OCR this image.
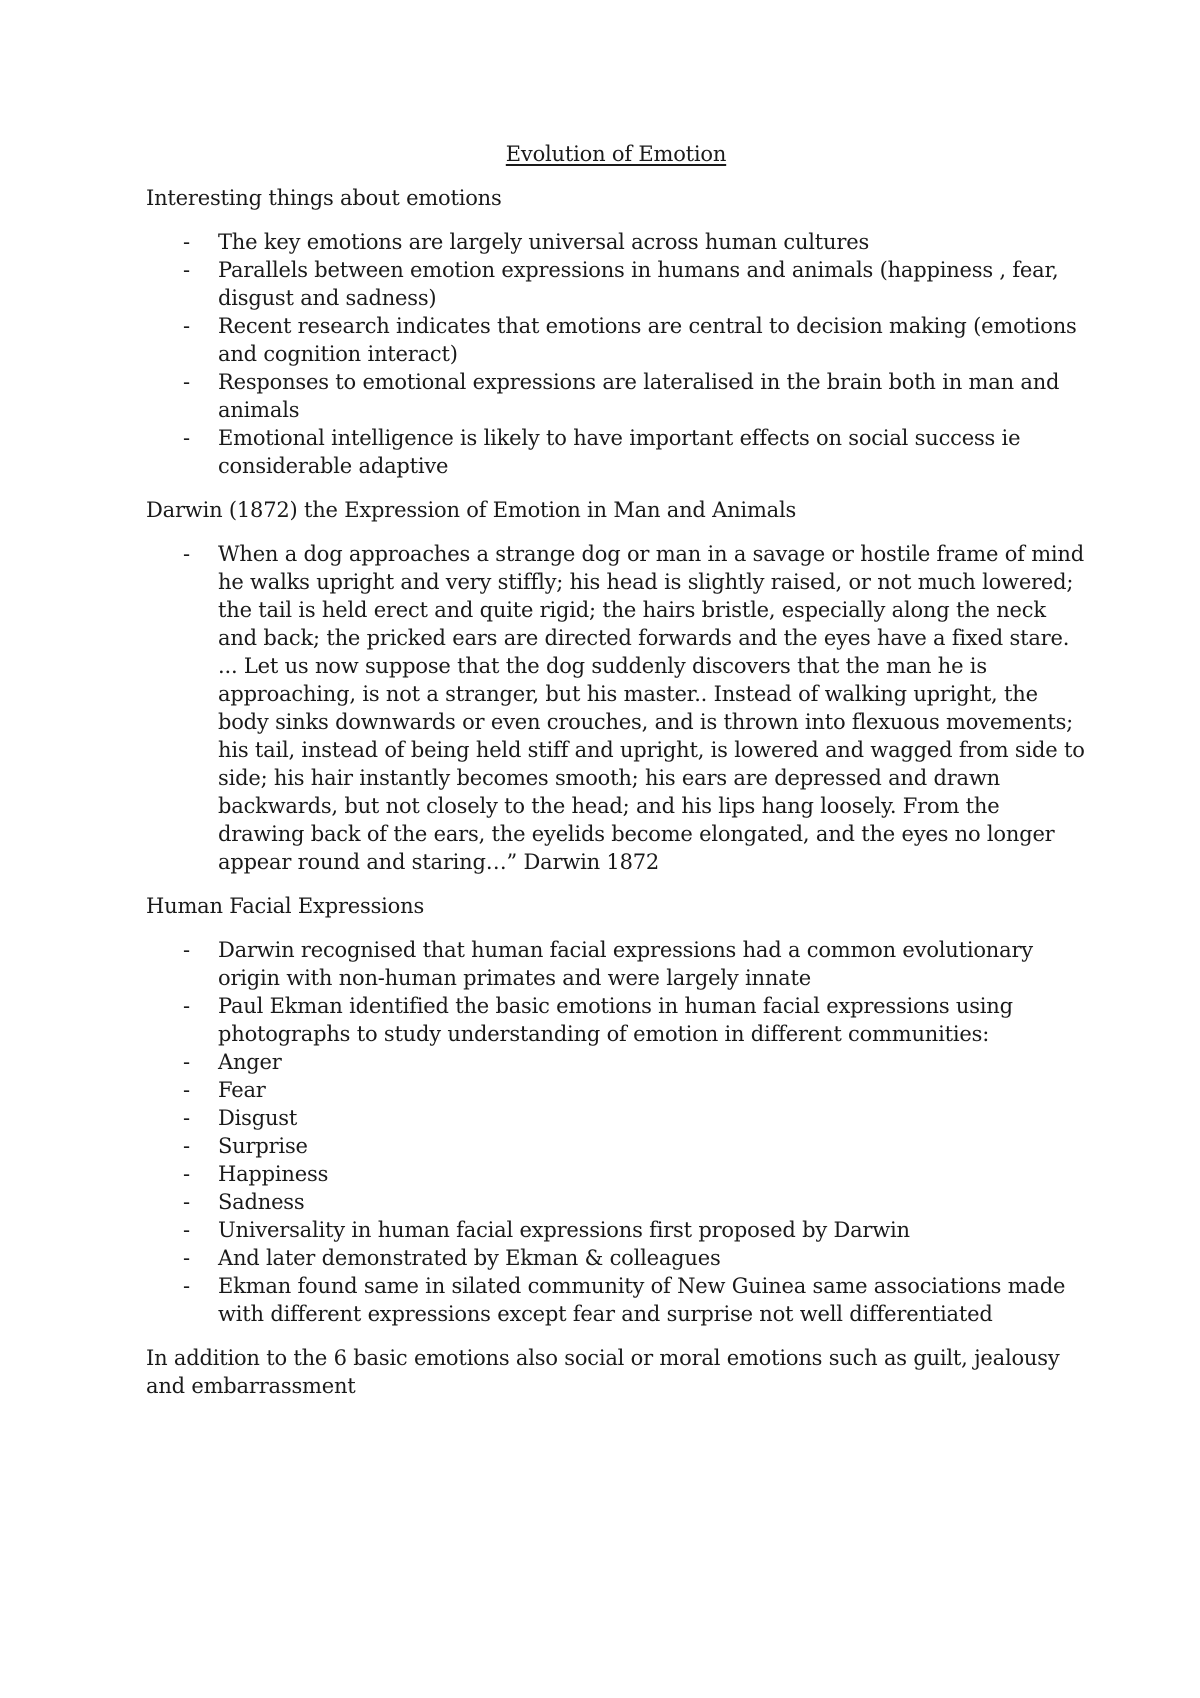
Evolution of Emotion
Interesting things about emotions
- The key emotions are largely universal across human cultures
- Parallels between emotion expressions in humans and animals (happiness , fear, disgust and sadness)
- Recent research indicates that emotions are central to decision making (emotions and cognition interact)
- Responses to emotional expressions are lateralised in the brain both in man and animals
- Emotional intelligence is likely to have important effects on social success ie considerable adaptive
Darwin (1872) the Expression of Emotion in Man and Animals
- When a dog approaches a strange dog or man in a savage or hostile frame of mind he walks upright and very stiffly; his head is slightly raised, or not much lowered; the tail is held erect and quite rigid; the hairs bristle, especially along the neck and back; the pricked ears are directed forwards and the eyes have a fixed stare. ... Let us now suppose that the dog suddenly discovers that the man he is approaching, is not a stranger, but his master.. Instead of walking upright, the body sinks downwards or even crouches, and is thrown into flexuous movements; his tail, instead of being held stiff and upright, is lowered and wagged from side to side; his hair instantly becomes smooth; his ears are depressed and drawn backwards, but not closely to the head; and his lips hang loosely. From the drawing back of the ears, the eyelids become elongated, and the eyes no longer appear round and staring…” Darwin 1872
Human Facial Expressions
- Darwin recognised that human facial expressions had a common evolutionary origin with non-human primates and were largely innate
- Paul Ekman identified the basic emotions in human facial expressions using photographs to study understanding of emotion in different communities:
- Anger
- Fear
- Disgust
- Surprise
- Happiness
- Sadness
- Universality in human facial expressions first proposed by Darwin
- And later demonstrated by Ekman & colleagues
- Ekman found same in silated community of New Guinea same associations made with different expressions except fear and surprise not well differentiated

In addition to the 6 basic emotions also social or moral emotions such as guilt, jealousy and embarrassment
